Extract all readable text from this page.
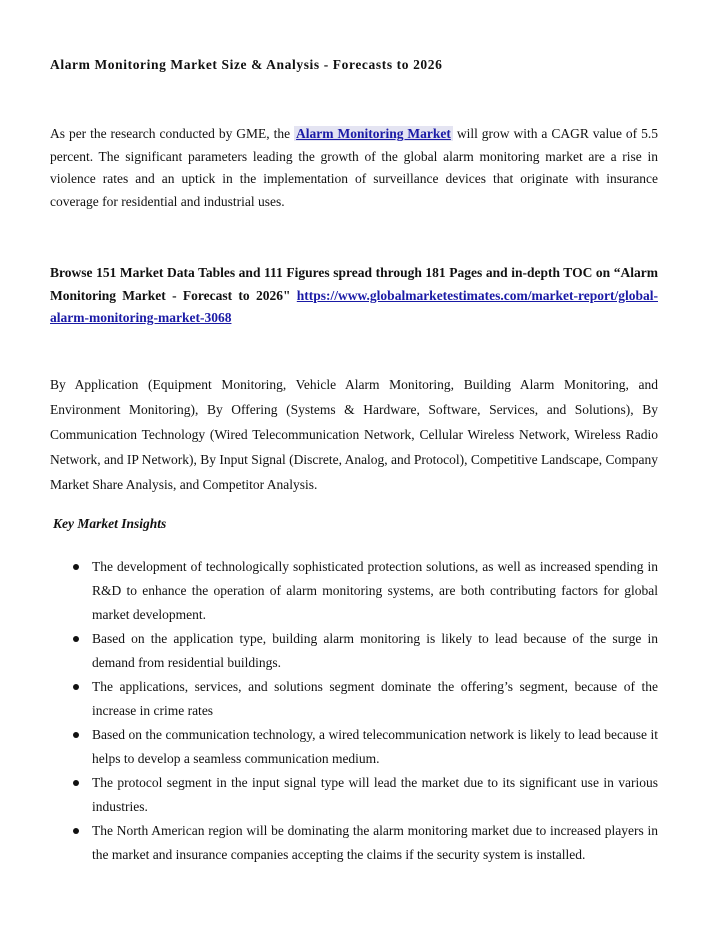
Alarm Monitoring Market Size & Analysis - Forecasts to 2026

As per the research conducted by GME, the Alarm Monitoring Market will grow with a CAGR value of 5.5 percent. The significant parameters leading the growth of the global alarm monitoring market are a rise in violence rates and an uptick in the implementation of surveillance devices that originate with insurance coverage for residential and industrial uses.

Browse 151 Market Data Tables and 111 Figures spread through 181 Pages and in-depth TOC on “Alarm Monitoring Market - Forecast to 2026" https://www.globalmarketestimates.com/market-report/global-alarm-monitoring-market-3068

By Application (Equipment Monitoring, Vehicle Alarm Monitoring, Building Alarm Monitoring, and Environment Monitoring), By Offering (Systems & Hardware, Software, Services, and Solutions), By Communication Technology (Wired Telecommunication Network, Cellular Wireless Network, Wireless Radio Network, and IP Network), By Input Signal (Discrete, Analog, and Protocol), Competitive Landscape, Company Market Share Analysis, and Competitor Analysis.

Key Market Insights
The development of technologically sophisticated protection solutions, as well as increased spending in R&D to enhance the operation of alarm monitoring systems, are both contributing factors for global market development.
Based on the application type, building alarm monitoring is likely to lead because of the surge in demand from residential buildings.
The applications, services, and solutions segment dominate the offering’s segment, because of the increase in crime rates
Based on the communication technology, a wired telecommunication network is likely to lead because it helps to develop a seamless communication medium.
The protocol segment in the input signal type will lead the market due to its significant use in various industries.
The North American region will be dominating the alarm monitoring market due to increased players in the market and insurance companies accepting the claims if the security system is installed.
